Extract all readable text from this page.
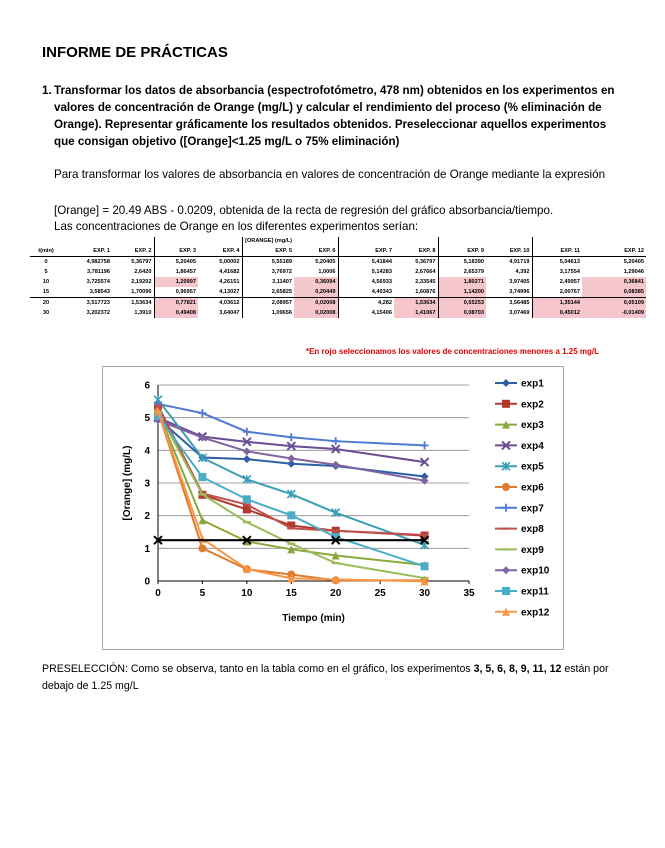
INFORME DE PRÁCTICAS
1. Transformar los datos de absorbancia (espectrofotómetro, 478 nm) obtenidos en los experimentos en valores de concentración de Orange (mg/L) y calcular el rendimiento del proceso (% eliminación de Orange). Representar gráficamente los resultados obtenidos. Preseleccionar aquellos experimentos que consigan objetivo ([Orange]<1.25 mg/L o 75% eliminación)
Para transformar los valores de absorbancia en valores de concentración de Orange mediante la expresión
[Orange] = 20.49 ABS - 0.0209, obtenida de la recta de regresión del gráfico absorbancia/tiempo.
Las concentraciones de Orange en los diferentes experimentos serían:
					[ORANGE] (mg/L)							
t(min)	EXP. 1	EXP. 2	EXP. 3	EXP. 4	EXP. 5	EXP. 6	EXP. 7	EXP. 8	EXP. 9	EXP. 10	EXP. 11	EXP. 12
0	4,982758	5,36797	5,20405	5,00002	5,55189	5,20405	5,41844	5,36797	5,18390	4,91719	5,04613	5,20405
5	3,781196	2,6420	1,86457	4,41682	3,76972	1,0006	5,14283	2,67664	2,65379	4,392	3,17554	1,29046
10	3,725574	2,19202	1,20997	4,26151	3,11407	0,36094	4,56933	2,33545	1,80271	3,97405	2,49957	0,36841
15	3,58543	1,70096	0,96957	4,13027	2,65825	0,20449	4,40343	1,60876	1,14200	3,74996	2,00767	0,08385
20	3,517723	1,53634	0,77821	4,03612	2,08957	0,02008	4,282	1,53634	0,55253	3,56485	1,35144	0,05109
30	3,202372	1,3910	0,49408	3,64047	1,09656	0,02008	4,15406	1,41067	0,08703	3,07469	0,45012	-0,01409
*En rojo seleccionamos los valores de concentraciones menores a 1.25 mg/L
0
1
2
3
4
5
6
0	5	10	15	20	25	30	35
Tiempo (min)
[Orange] (mg/L)
exp1
exp2
exp3
exp4
exp5
exp6
exp7
exp8
exp9
exp10
exp11
exp12
PRESELECCIÓN: Como se observa, tanto en la tabla como en el gráfico, los experimentos 3, 5, 6, 8, 9, 11, 12 están por debajo de 1.25 mg/L
